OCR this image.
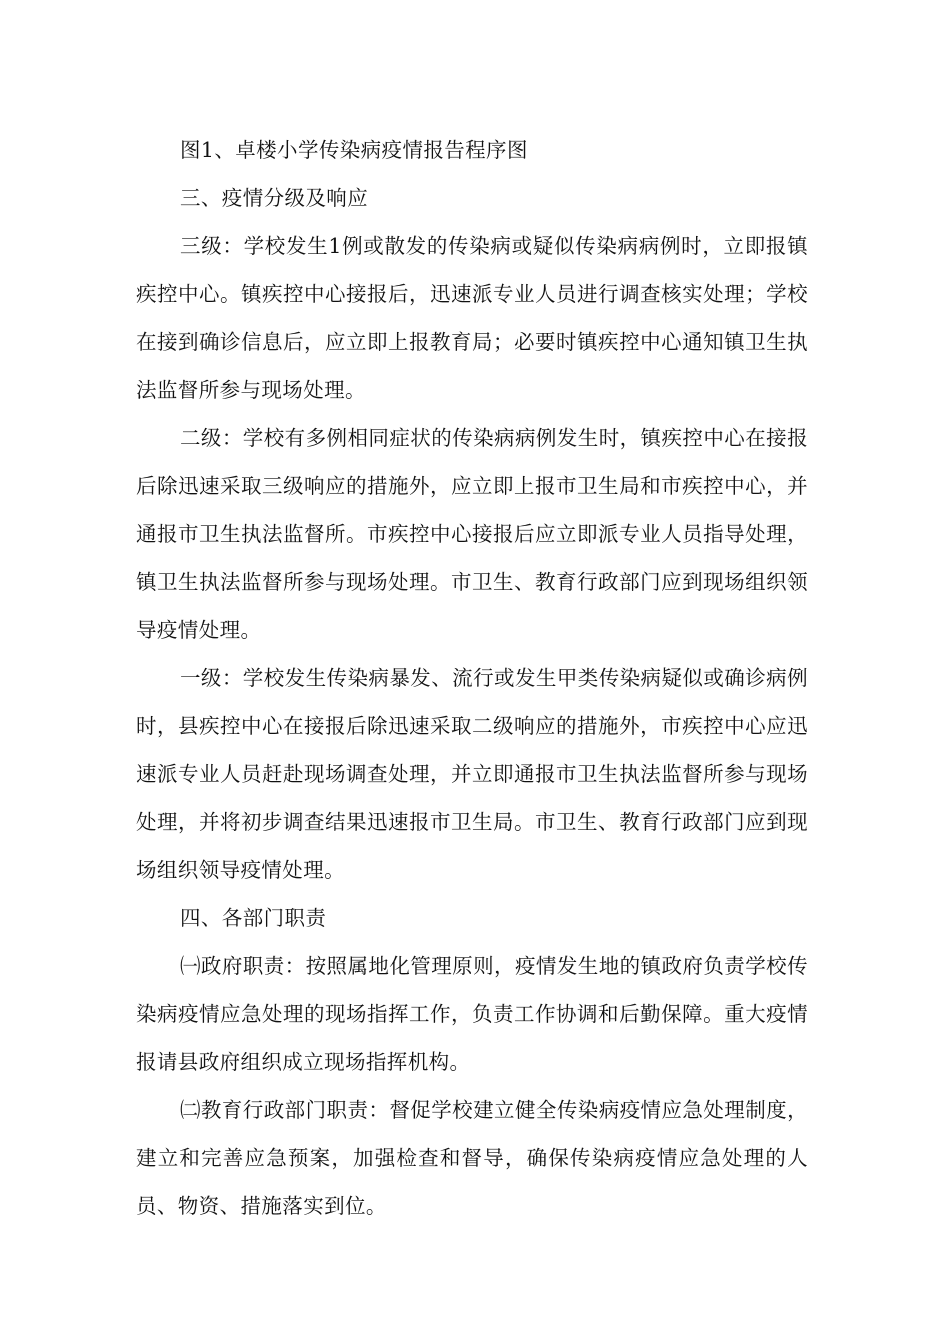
图1、卓楼小学传染病疫情报告程序图

三、疫情分级及响应

三级：学校发生1例或散发的传染病或疑似传染病病例时，立即报镇疾控中心。镇疾控中心接报后，迅速派专业人员进行调查核实处理；学校在接到确诊信息后，应立即上报教育局；必要时镇疾控中心通知镇卫生执法监督所参与现场处理。

二级：学校有多例相同症状的传染病病例发生时，镇疾控中心在接报后除迅速采取三级响应的措施外，应立即上报市卫生局和市疾控中心，并通报市卫生执法监督所。市疾控中心接报后应立即派专业人员指导处理，镇卫生执法监督所参与现场处理。市卫生、教育行政部门应到现场组织领导疫情处理。

一级：学校发生传染病暴发、流行或发生甲类传染病疑似或确诊病例时，县疾控中心在接报后除迅速采取二级响应的措施外，市疾控中心应迅速派专业人员赶赴现场调查处理，并立即通报市卫生执法监督所参与现场处理，并将初步调查结果迅速报市卫生局。市卫生、教育行政部门应到现场组织领导疫情处理。

四、各部门职责

㈠政府职责：按照属地化管理原则，疫情发生地的镇政府负责学校传染病疫情应急处理的现场指挥工作，负责工作协调和后勤保障。重大疫情报请县政府组织成立现场指挥机构。

㈡教育行政部门职责：督促学校建立健全传染病疫情应急处理制度，建立和完善应急预案，加强检查和督导，确保传染病疫情应急处理的人员、物资、措施落实到位。
